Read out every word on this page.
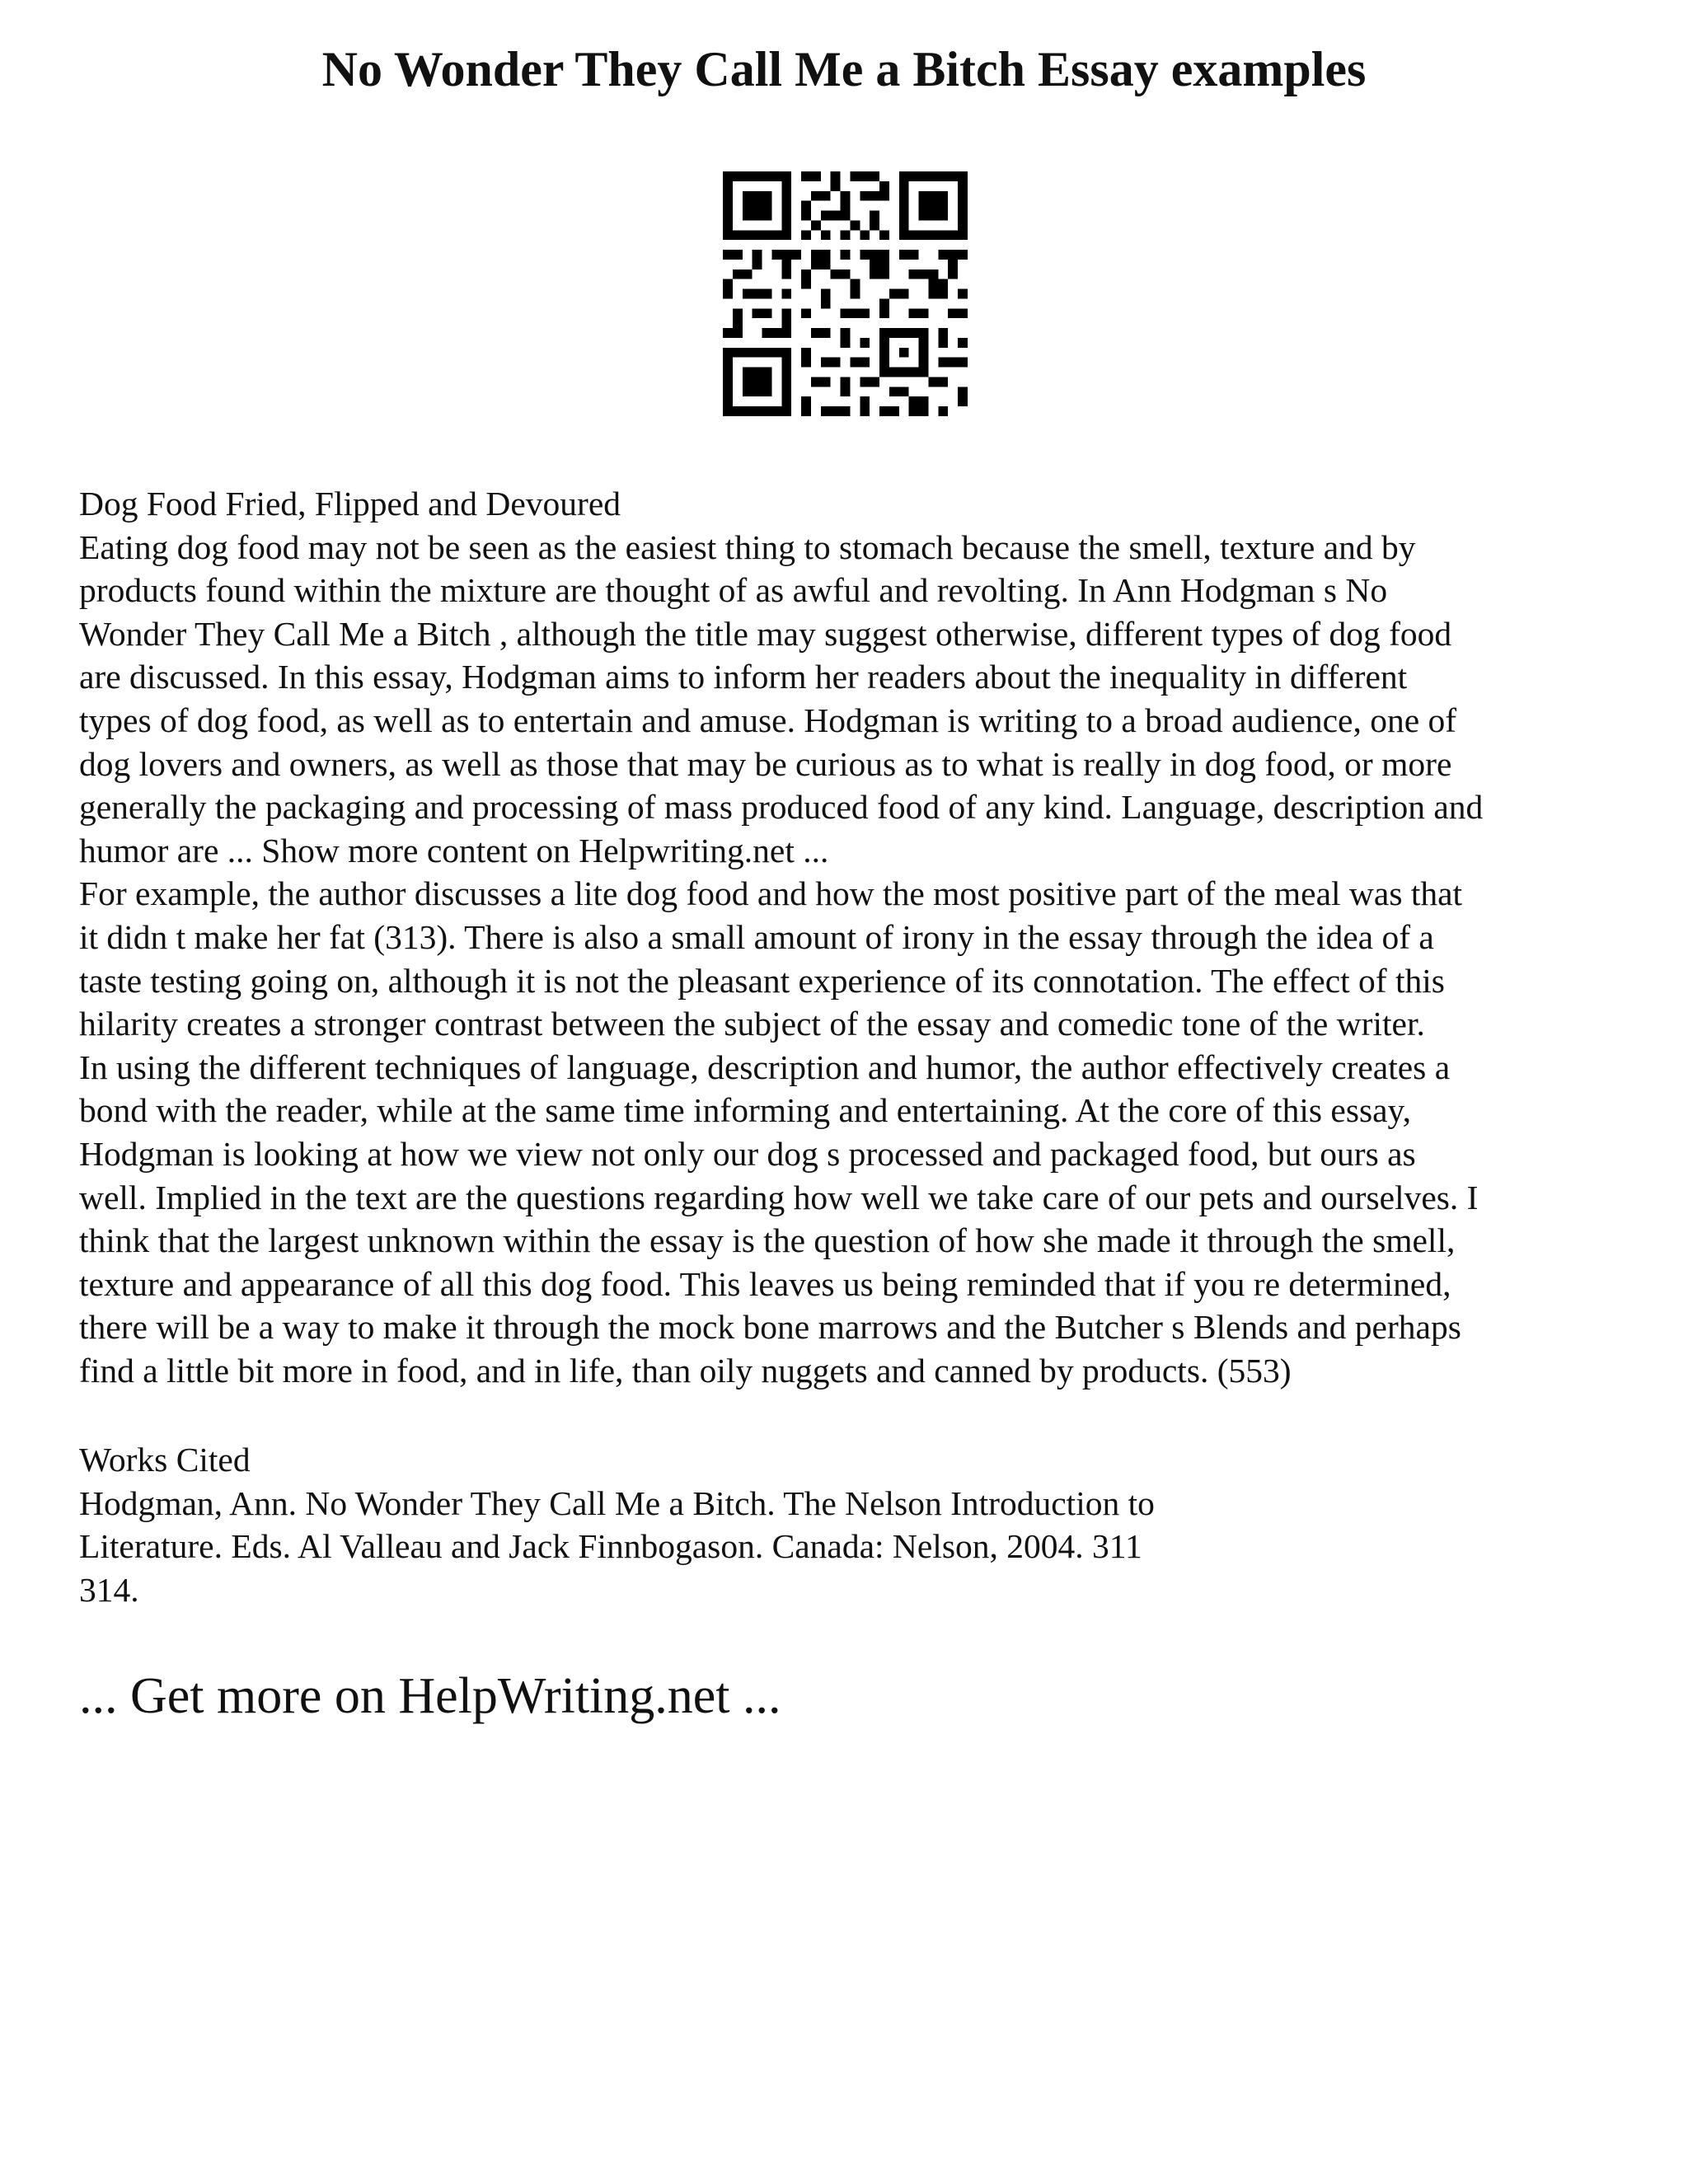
No Wonder They Call Me a Bitch Essay examples

Dog Food Fried, Flipped and Devoured

Eating dog food may not be seen as the easiest thing to stomach because the smell, texture and by
products found within the mixture are thought of as awful and revolting. In Ann Hodgman s No
Wonder They Call Me a Bitch , although the title may suggest otherwise, different types of dog food
are discussed. In this essay, Hodgman aims to inform her readers about the inequality in different
types of dog food, as well as to entertain and amuse. Hodgman is writing to a broad audience, one of
dog lovers and owners, as well as those that may be curious as to what is really in dog food, or more
generally the packaging and processing of mass produced food of any kind. Language, description and
humor are ... Show more content on Helpwriting.net ...

For example, the author discusses a lite dog food and how the most positive part of the meal was that
it didn t make her fat (313). There is also a small amount of irony in the essay through the idea of a
taste testing going on, although it is not the pleasant experience of its connotation. The effect of this
hilarity creates a stronger contrast between the subject of the essay and comedic tone of the writer.

In using the different techniques of language, description and humor, the author effectively creates a
bond with the reader, while at the same time informing and entertaining. At the core of this essay,
Hodgman is looking at how we view not only our dog s processed and packaged food, but ours as
well. Implied in the text are the questions regarding how well we take care of our pets and ourselves. I
think that the largest unknown within the essay is the question of how she made it through the smell,
texture and appearance of all this dog food. This leaves us being reminded that if you re determined,
there will be a way to make it through the mock bone marrows and the Butcher s Blends and perhaps
find a little bit more in food, and in life, than oily nuggets and canned by products. (553)

Works Cited

Hodgman, Ann. No Wonder They Call Me a Bitch. The Nelson Introduction to
Literature. Eds. Al Valleau and Jack Finnbogason. Canada: Nelson, 2004. 311
314.

... Get more on HelpWriting.net ...
